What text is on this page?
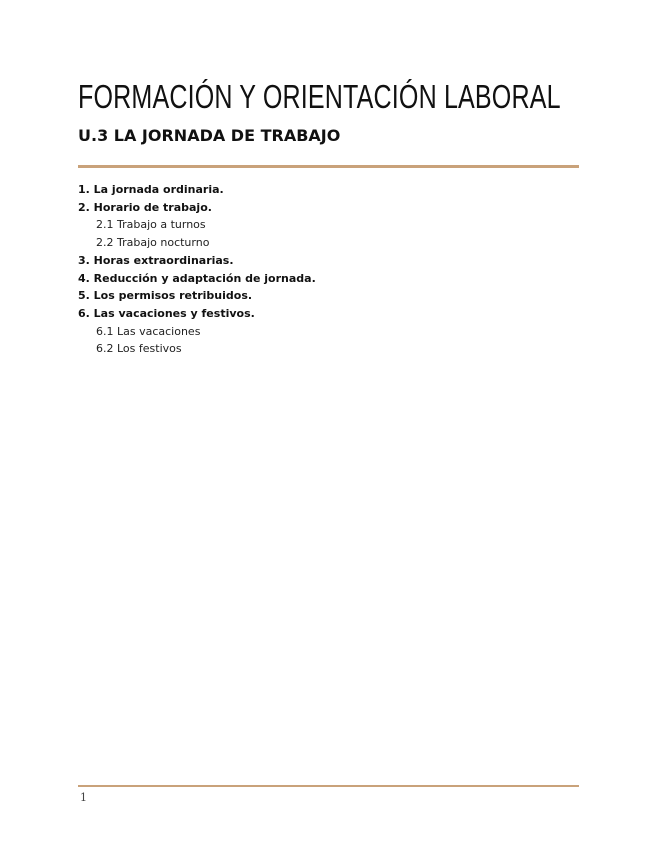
FORMACIÓN Y ORIENTACIÓN LABORAL
U.3 LA JORNADA DE TRABAJO
1. La jornada ordinaria.
2. Horario de trabajo.
2.1 Trabajo a turnos
2.2 Trabajo nocturno
3. Horas extraordinarias.
4. Reducción y adaptación de jornada.
5. Los permisos retribuidos.
6. Las vacaciones y festivos.
6.1 Las vacaciones
6.2 Los festivos
1
